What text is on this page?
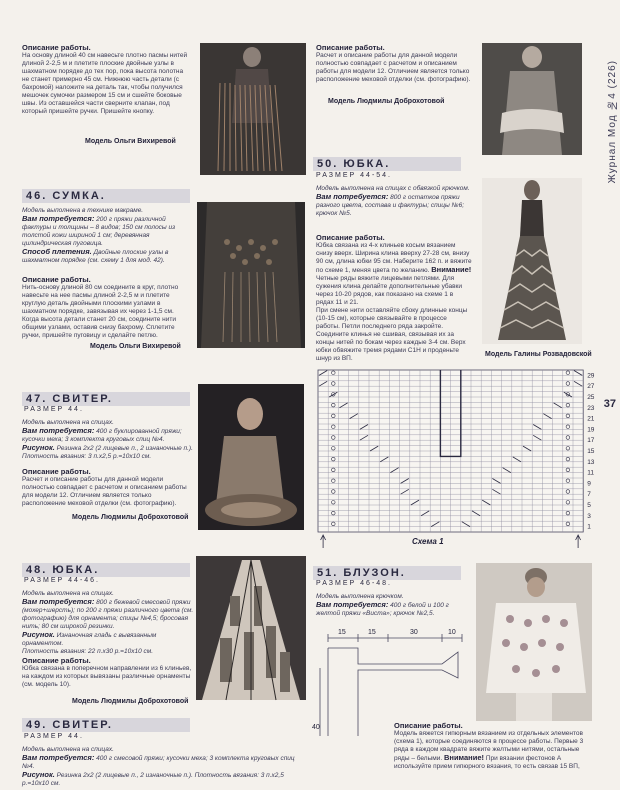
Журнал Мод №4 (226)
37
Описание работы.
На основу длиной 40 см навесьте плотно пасмы нитей длиной 2-2,5 м и плетите плоские двойные узлы в шахматном порядке до тех пор, пока высота полотна не станет примерно 45 см. Нижнюю часть детали (с бахромой) наложите на деталь так, чтобы получился мешочек сумочки размером 15 см и сшейте боковые швы. Из оставшейся части сверните клапан, под который пришейте ручки. Пришейте кнопку.
Модель Ольги Вихиревой
Описание работы.
Расчет и описание работы для данной модели полностью совпадает с расчетом и описанием работы для модели 12. Отличием является только расположение меховой отделки (см. фотографию).
Модель Людмилы Доброхотовой
46. СУМКА.
Модель выполнена в технике макраме.
Вам потребуется: 200 г пряжи различной фактуры и толщины – 8 видов; 150 см полосы из толстой кожи шириной 1 см; деревянная цилиндрическая пуговица.
Способ плетения. Двойные плоские узлы в шахматном порядке (см. схему 1 для мод. 42).
Описание работы.
Нить-основу длиной 80 см соедините в круг, плотно навесьте на нее пасмы длиной 2-2,5 м и плетите круглую деталь двойными плоскими узлами в шахматном порядке, завязывая их через 1-1,5 см. Когда высота детали станет 20 см, соедините нити общими узлами, оставив снизу бахрому. Сплетите ручки, пришейте пуговицу и сделайте петлю.
Модель Ольги Вихиревой
50. ЮБКА.
РАЗМЕР 44-54.
Модель выполнена на спицах с обвязкой крючком.
Вам потребуется: 800 г остатков пряжи разного цвета, состава и фактуры; спицы №6; крючок №5.
Описание работы.
Юбка связана из 4-х клиньев косым вязанием снизу вверх. Ширина клина вверху 27-28 см, внизу 90 см, длина юбки 95 см. Наберите 162 п. и вяжите по схеме 1, меняя цвета по желанию. Внимание! Четные ряды вяжите лицевыми петлями. Для сужения клина делайте дополнительные убавки через 10-20 рядов, как показано на схеме 1 в рядах 11 и 21.
При смене нити оставляйте сбоку длинные концы (10-15 см), которые связывайте в процессе работы. Петли последнего ряда закройте. Соедините клинья не сшивая, связывая их за концы нитей по бокам через каждые 3-4 см. Верх юбки обвяжите тремя рядами С1Н и проденьте шнур из ВП.
Модель Галины Розвадовской
29
27
25
23
21
19
17
15
13
11
9
7
5
3
1
Схема 1
47. СВИТЕР.
РАЗМЕР 44.
Модель выполнена на спицах.
Вам потребуется: 400 г буклированной пряжи; кусочки меха; 3 комплекта круговых спиц №4.
Рисунок. Резинка 2x2 (2 лицевые п., 2 изнаночные п.).
Плотность вязания: 3 п.x2,5 р.=10x10 см.
Описание работы.
Расчет и описание работы для данной модели полностью совпадает с расчетом и описанием работы для модели 12. Отличием является только расположение меховой отделки (см. фотографию).
Модель Людмилы Доброхотовой
48. ЮБКА.
РАЗМЕР 44-46.
Модель выполнена на спицах.
Вам потребуется: 800 г бежевой смесовой пряжи (мохер+шерсть); по 200 г пряжи различного цвета (см. фотографию) для орнамента; спицы №4,5; бросовая нить; 80 см широкой резинки.
Рисунок. Изнаночная гладь с вывязанным орнаментом.
Плотность вязания: 22 п.x30 р.=10x10 см.
Описание работы.
Юбка связана в поперечном направлении из 6 клиньев, на каждом из которых вывязаны различные орнаменты (см. модель 10).
Модель Людмилы Доброхотовой
49. СВИТЕР.
РАЗМЕР 44.
Модель выполнена на спицах.
Вам потребуется: 400 г смесовой пряжи; кусочки меха; 3 комплекта круговых спиц №4.
Рисунок. Резинка 2x2 (2 лицевые п., 2 изнаночные п.). Плотность вязания: 3 п.x2,5 р.=10x10 см.
51. БЛУЗОН.
РАЗМЕР 46-48.
Модель выполнена крючком.
Вам потребуется: 400 г белой и 100 г желтой пряжи «Виста»; крючок №2,5.
15	15	30	10
40	Описание работы.
Модель вяжется гипюрным вязанием из отдельных элементов (схема 1), которые соединяются в процессе работы. Первые 3 ряда в каждом квадрате вяжите желтыми нитями, остальные ряды – белыми. Внимание! При вязании фестонов А используйте прием гипюрного вязания, то есть связав 15 ВП,
